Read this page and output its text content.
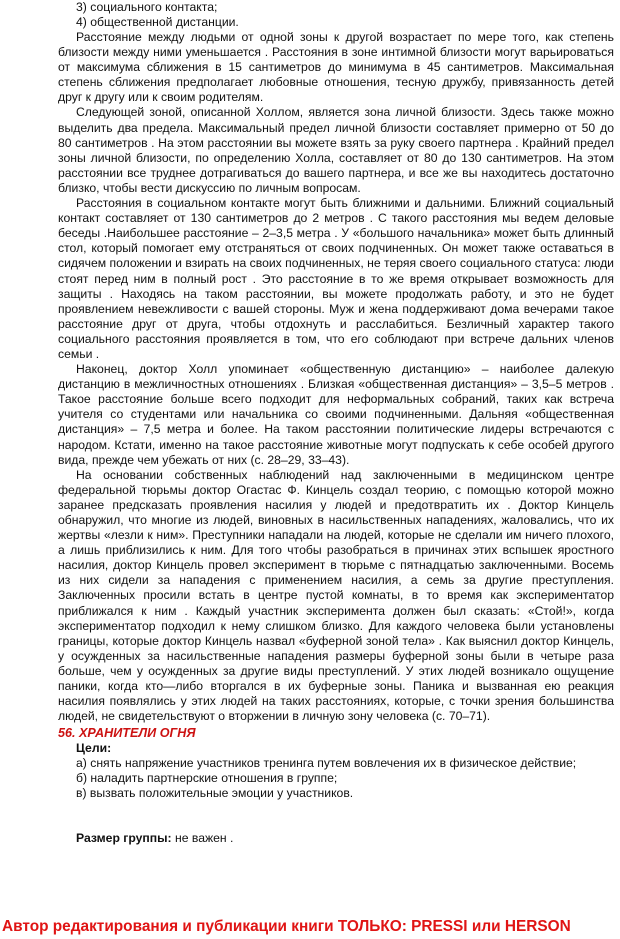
3) социального контакта;
4) общественной дистанции.

Расстояние между людьми от одной зоны к другой возрастает по мере того, как степень близости между ними уменьшается . Расстояния в зоне интимной близости могут варьироваться от максимума сближения в 15 сантиметров до минимума в 45 сантиметров. Максимальная степень сближения предполагает любовные отношения, тесную дружбу, привязанность детей друг к другу или к своим родителям.

Следующей зоной, описанной Холлом, является зона личной близости. Здесь также можно выделить два предела. Максимальный предел личной близости составляет примерно от 50 до 80 сантиметров . На этом расстоянии вы можете взять за руку своего партнера . Крайний предел зоны личной близости, по определению Холла, составляет от 80 до 130 сантиметров. На этом расстоянии все труднее дотрагиваться до вашего партнера, и все же вы находитесь достаточно близко, чтобы вести дискуссию по личным вопросам.

Расстояния в социальном контакте могут быть ближними и дальними. Ближний социальный контакт составляет от 130 сантиметров до 2 метров . С такого расстояния мы ведем деловые беседы .Наибольшее расстояние – 2–3,5 метра . У «большого начальника» может быть длинный стол, который помогает ему отстраняться от своих подчиненных. Он может также оставаться в сидячем положении и взирать на своих подчиненных, не теряя своего социального статуса: люди стоят перед ним в полный рост . Это расстояние в то же время открывает возможность для защиты . Находясь на таком расстоянии, вы можете продолжать работу, и это не будет проявлением невежливости с вашей стороны. Муж и жена поддерживают дома вечерами такое расстояние друг от друга, чтобы отдохнуть и расслабиться. Безличный характер такого социального расстояния проявляется в том, что его соблюдают при встрече дальних членов семьи .

Наконец, доктор Холл упоминает «общественную дистанцию» – наиболее далекую дистанцию в межличностных отношениях . Близкая «общественная дистанция» – 3,5–5 метров . Такое расстояние больше всего подходит для неформальных собраний, таких как встреча учителя со студентами или начальника со своими подчиненными. Дальняя «общественная дистанция» – 7,5 метра и более. На таком расстоянии политические лидеры встречаются с народом. Кстати, именно на такое расстояние животные могут подпускать к себе особей другого вида, прежде чем убежать от них (с. 28–29, 33–43).

На основании собственных наблюдений над заключенными в медицинском центре федеральной тюрьмы доктор Огастас Ф. Кинцель создал теорию, с помощью которой можно заранее предсказать проявления насилия у людей и предотвратить их . Доктор Кинцель обнаружил, что многие из людей, виновных в насильственных нападениях, жаловались, что их жертвы «лезли к ним». Преступники нападали на людей, которые не сделали им ничего плохого, а лишь приблизились к ним. Для того чтобы разобраться в причинах этих вспышек яростного насилия, доктор Кинцель провел эксперимент в тюрьме с пятнадцатью заключенными. Восемь из них сидели за нападения с применением насилия, а семь за другие преступления. Заключенных просили встать в центре пустой комнаты, в то время как экспериментатор приближался к ним . Каждый участник эксперимента должен был сказать: «Стой!», когда экспериментатор подходил к нему слишком близко. Для каждого человека были установлены границы, которые доктор Кинцель назвал «буферной зоной тела» . Как выяснил доктор Кинцель, у осужденных за насильственные нападения размеры буферной зоны были в четыре раза больше, чем у осужденных за другие виды преступлений. У этих людей возникало ощущение паники, когда кто—либо вторгался в их буферные зоны. Паника и вызванная ею реакция насилия появлялись у этих людей на таких расстояниях, которые, с точки зрения большинства людей, не свидетельствуют о вторжении в личную зону человека (с. 70–71).

56. ХРАНИТЕЛИ ОГНЯ
Цели:
а) снять напряжение участников тренинга путем вовлечения их в физическое действие;
б) наладить партнерские отношения в группе;
в) вызвать положительные эмоции у участников.
Размер группы: не важен .
Автор редактирования и публикации книги ТОЛЬКО: PRESSI или HERSON
